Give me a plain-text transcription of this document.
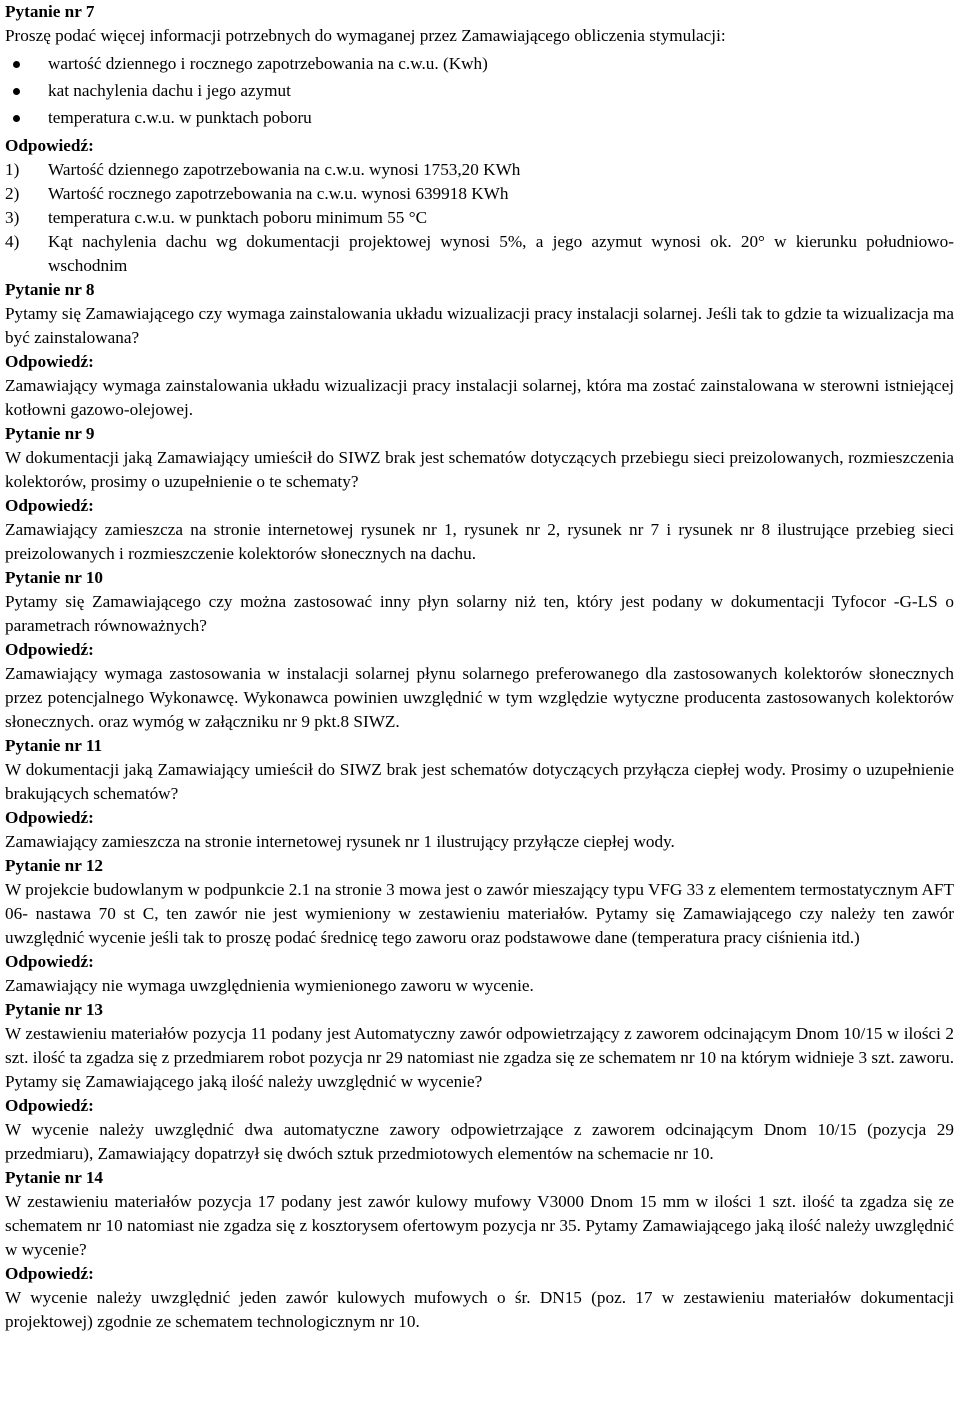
Pytanie nr 7

Proszę podać więcej informacji potrzebnych do wymaganej przez Zamawiającego obliczenia stymulacji:

wartość dziennego i rocznego zapotrzebowania na c.w.u. (Kwh)
kat nachylenia dachu i jego azymut
temperatura c.w.u. w punktach poboru

Odpowiedź:

1) Wartość dziennego zapotrzebowania na c.w.u. wynosi 1753,20 KWh
2) Wartość rocznego zapotrzebowania na c.w.u. wynosi 639918 KWh
3) temperatura c.w.u. w punktach poboru minimum 55 °C
4) Kąt nachylenia dachu wg dokumentacji projektowej wynosi 5%, a jego azymut wynosi ok. 20° w kierunku południowo-wschodnim

Pytanie nr 8

Pytamy się Zamawiającego czy wymaga zainstalowania układu wizualizacji pracy instalacji solarnej. Jeśli tak to gdzie ta wizualizacja ma być zainstalowana?

Odpowiedź:

Zamawiający wymaga zainstalowania układu wizualizacji pracy instalacji solarnej, która ma zostać zainstalowana w sterowni istniejącej kotłowni gazowo-olejowej.

Pytanie nr 9

W dokumentacji jaką Zamawiający umieścił do SIWZ brak jest schematów dotyczących przebiegu sieci preizolowanych, rozmieszczenia kolektorów, prosimy o uzupełnienie o te schematy?

Odpowiedź:

Zamawiający zamieszcza na stronie internetowej rysunek nr 1, rysunek nr 2, rysunek nr 7 i rysunek nr 8 ilustrujące przebieg sieci preizolowanych i rozmieszczenie kolektorów słonecznych na dachu.

Pytanie nr 10

Pytamy się Zamawiającego czy można zastosować inny płyn solarny niż ten, który jest podany w dokumentacji Tyfocor -G-LS o parametrach równoważnych?

Odpowiedź:

Zamawiający wymaga zastosowania w instalacji solarnej płynu solarnego preferowanego dla zastosowanych kolektorów słonecznych przez potencjalnego Wykonawcę. Wykonawca powinien uwzględnić w tym względzie wytyczne producenta zastosowanych kolektorów słonecznych. oraz wymóg w załączniku nr 9 pkt.8 SIWZ.

Pytanie nr 11

W dokumentacji jaką Zamawiający umieścił do SIWZ brak jest schematów dotyczących przyłącza ciepłej wody. Prosimy o uzupełnienie brakujących schematów?

Odpowiedź:

Zamawiający zamieszcza na stronie internetowej rysunek nr 1 ilustrujący przyłącze ciepłej wody.

Pytanie nr 12

W projekcie budowlanym w podpunkcie 2.1 na stronie 3 mowa jest o zawór mieszający typu VFG 33 z elementem termostatycznym AFT 06- nastawa 70 st C, ten zawór nie jest wymieniony w zestawieniu materiałów. Pytamy się Zamawiającego czy należy ten zawór uwzględnić wycenie jeśli tak to proszę podać średnicę tego zaworu oraz podstawowe dane (temperatura pracy ciśnienia itd.)

Odpowiedź:

Zamawiający nie wymaga uwzględnienia wymienionego zaworu w wycenie.

Pytanie nr 13

W zestawieniu materiałów pozycja 11 podany jest Automatyczny zawór odpowietrzający z zaworem odcinającym Dnom 10/15 w ilości 2 szt. ilość ta zgadza się z przedmiarem robot pozycja nr 29 natomiast nie zgadza się ze schematem nr 10 na którym widnieje 3 szt. zaworu. Pytamy się Zamawiającego jaką ilość należy uwzględnić w wycenie?

Odpowiedź:

W wycenie należy uwzględnić dwa automatyczne zawory odpowietrzające z zaworem odcinającym Dnom 10/15 (pozycja 29 przedmiaru), Zamawiający dopatrzył się dwóch sztuk przedmiotowych elementów na schemacie nr 10.

Pytanie nr 14

W zestawieniu materiałów pozycja 17 podany jest zawór kulowy mufowy V3000 Dnom 15 mm w ilości 1 szt. ilość ta zgadza się ze schematem nr 10 natomiast nie zgadza się z kosztorysem ofertowym pozycja nr 35. Pytamy Zamawiającego jaką ilość należy uwzględnić w wycenie?

Odpowiedź:

W wycenie należy uwzględnić jeden zawór kulowych mufowych o śr. DN15 (poz. 17 w zestawieniu materiałów dokumentacji projektowej) zgodnie ze schematem technologicznym nr 10.
